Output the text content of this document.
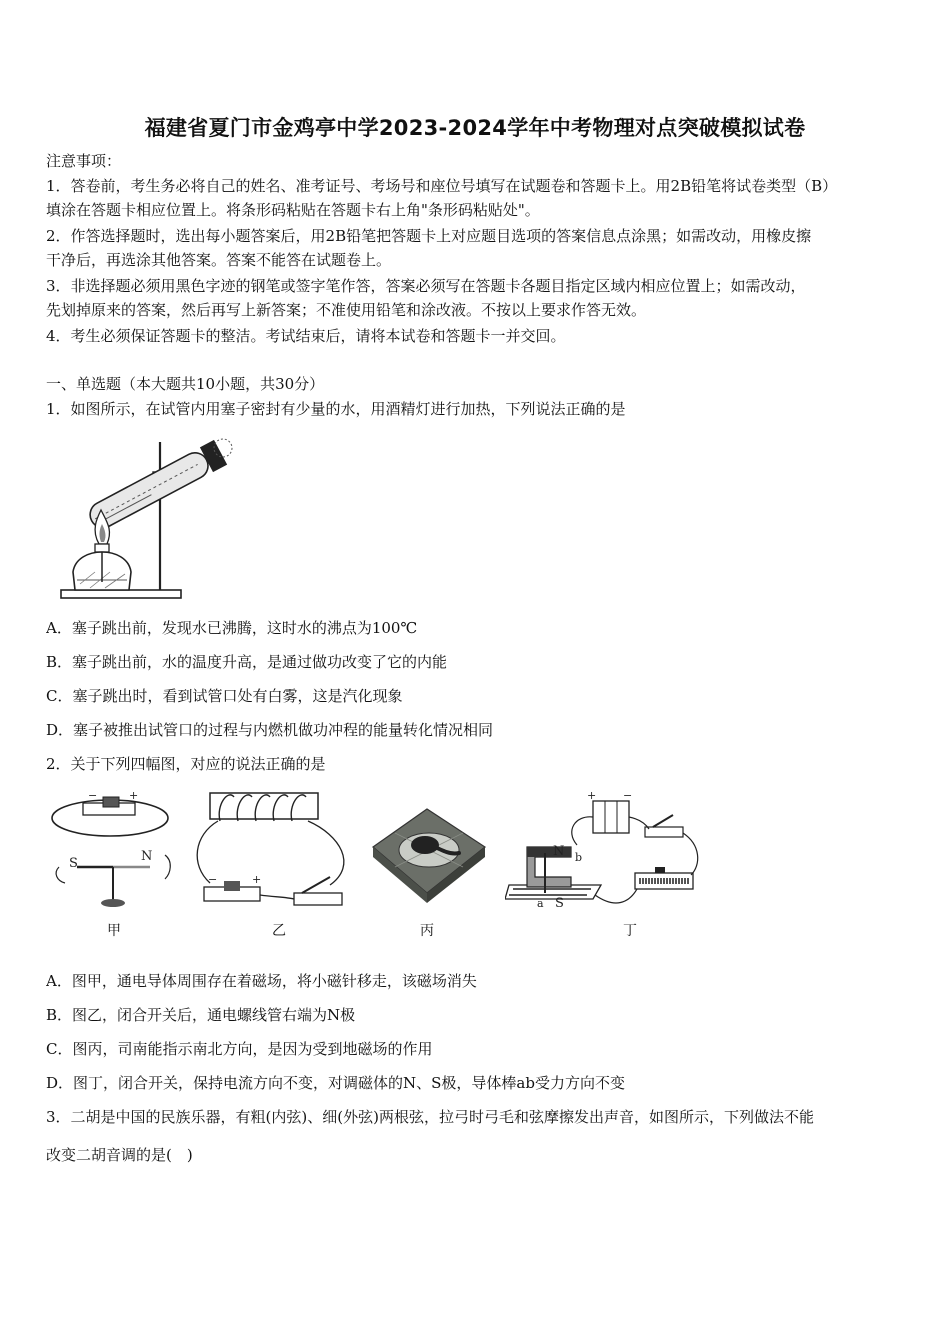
福建省夏门市金鸡亭中学2023-2024学年中考物理对点突破模拟试卷
注意事项：
1．答卷前，考生务必将自己的姓名、准考证号、考场号和座位号填写在试题卷和答题卡上。用2B铅笔将试卷类型（B）
填涂在答题卡相应位置上。将条形码粘贴在答题卡右上角"条形码粘贴处"。
2．作答选择题时，选出每小题答案后，用2B铅笔把答题卡上对应题目选项的答案信息点涂黑；如需改动，用橡皮擦
干净后，再选涂其他答案。答案不能答在试题卷上。
3．非选择题必须用黑色字迹的钢笔或签字笔作答，答案必须写在答题卡各题目指定区域内相应位置上；如需改动，
先划掉原来的答案，然后再写上新答案；不准使用铅笔和涂改液。不按以上要求作答无效。
4．考生必须保证答题卡的整洁。考试结束后，请将本试卷和答题卡一并交回。
一、单选题（本大题共10小题，共30分）
1．如图所示，在试管内用塞子密封有少量的水，用酒精灯进行加热，下列说法正确的是
A．塞子跳出前，发现水已沸腾，这时水的沸点为100℃
B．塞子跳出前，水的温度升高，是通过做功改变了它的内能
C．塞子跳出时，看到试管口处有白雾，这是汽化现象
D．塞子被推出试管口的过程与内燃机做功冲程的能量转化情况相同
2．关于下列四幅图，对应的说法正确的是
−	+
S	N
甲
−	+
乙	丙
+ −
N b
S
a
丁
A．图甲，通电导体周围存在着磁场，将小磁针移走，该磁场消失
B．图乙，闭合开关后，通电螺线管右端为N极
C．图丙，司南能指示南北方向，是因为受到地磁场的作用
D．图丁，闭合开关，保持电流方向不变，对调磁体的N、S极，导体棒ab受力方向不变
3．二胡是中国的民族乐器，有粗(内弦)、细(外弦)两根弦，拉弓时弓毛和弦摩擦发出声音，如图所示，下列做法不能
改变二胡音调的是(　)
